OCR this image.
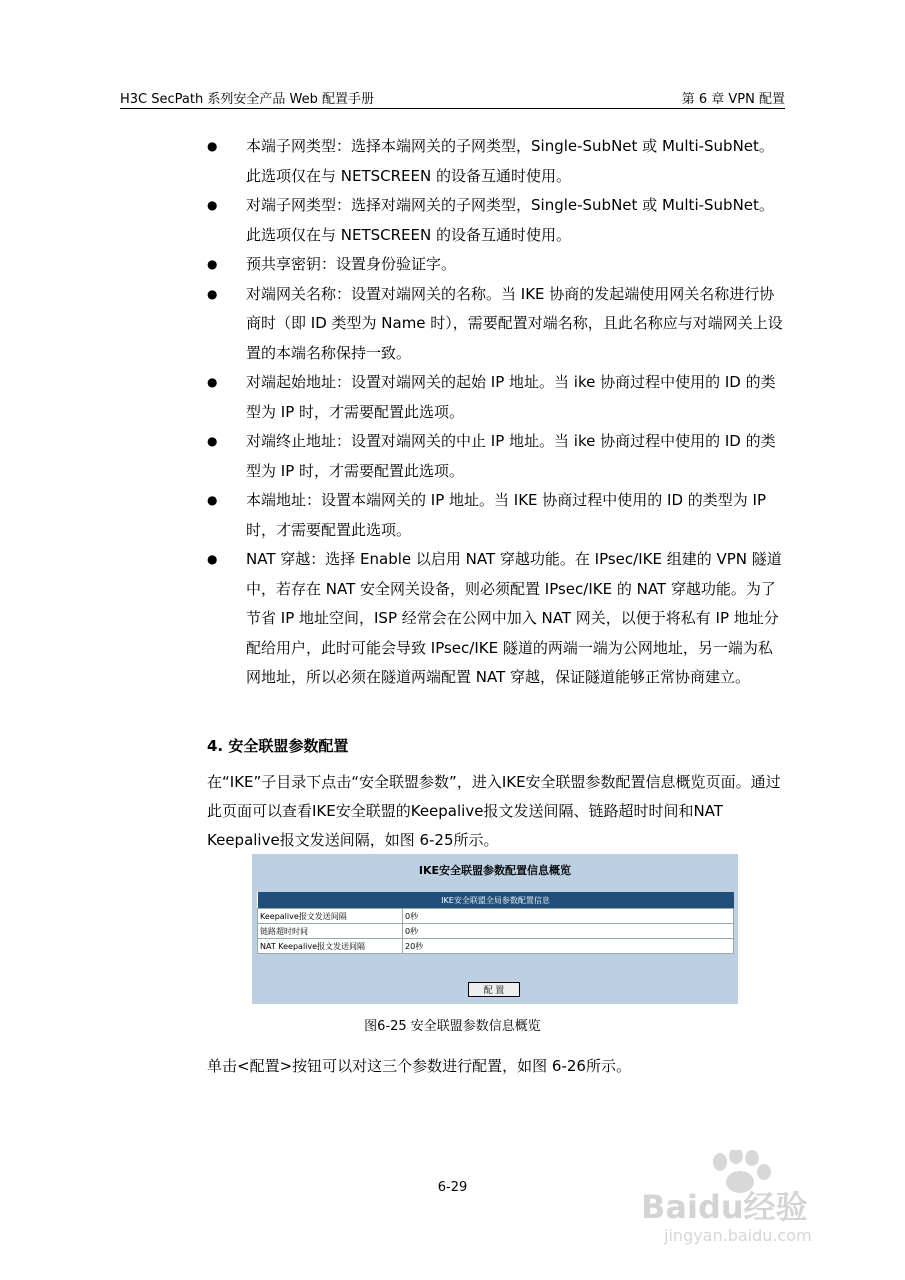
H3C SecPath 系列安全产品 Web 配置手册	第 6 章 VPN 配置
● 本端子网类型：选择本端网关的子网类型，Single-SubNet 或 Multi-SubNet。此选项仅在与 NETSCREEN 的设备互通时使用。
● 对端子网类型：选择对端网关的子网类型，Single-SubNet 或 Multi-SubNet。此选项仅在与 NETSCREEN 的设备互通时使用。
● 预共享密钥：设置身份验证字。
● 对端网关名称：设置对端网关的名称。当 IKE 协商的发起端使用网关名称进行协商时（即 ID 类型为 Name 时），需要配置对端名称，且此名称应与对端网关上设置的本端名称保持一致。
● 对端起始地址：设置对端网关的起始 IP 地址。当 ike 协商过程中使用的 ID 的类型为 IP 时，才需要配置此选项。
● 对端终止地址：设置对端网关的中止 IP 地址。当 ike 协商过程中使用的 ID 的类型为 IP 时，才需要配置此选项。
● 本端地址：设置本端网关的 IP 地址。当 IKE 协商过程中使用的 ID 的类型为 IP 时，才需要配置此选项。
● NAT 穿越：选择 Enable 以启用 NAT 穿越功能。在 IPsec/IKE 组建的 VPN 隧道中，若存在 NAT 安全网关设备，则必须配置 IPsec/IKE 的 NAT 穿越功能。为了节省 IP 地址空间，ISP 经常会在公网中加入 NAT 网关，以便于将私有 IP 地址分配给用户，此时可能会导致 IPsec/IKE 隧道的两端一端为公网地址，另一端为私网地址，所以必须在隧道两端配置 NAT 穿越，保证隧道能够正常协商建立。
4. 安全联盟参数配置
在“IKE”子目录下点击“安全联盟参数”，进入IKE安全联盟参数配置信息概览页面。通过此页面可以查看IKE安全联盟的Keepalive报文发送间隔、链路超时时间和NAT Keepalive报文发送间隔，如图 6-25所示。
IKE安全联盟参数配置信息概览
IKE安全联盟全局参数配置信息	
Keepalive报文发送间隔	0秒
链路超时时间	0秒
NAT Keepalive报文发送间隔	20秒
配 置
图6-25 安全联盟参数信息概览
单击<配置>按钮可以对这三个参数进行配置，如图 6-26所示。
6-29
Baidu经验
jingyan.baidu.com
